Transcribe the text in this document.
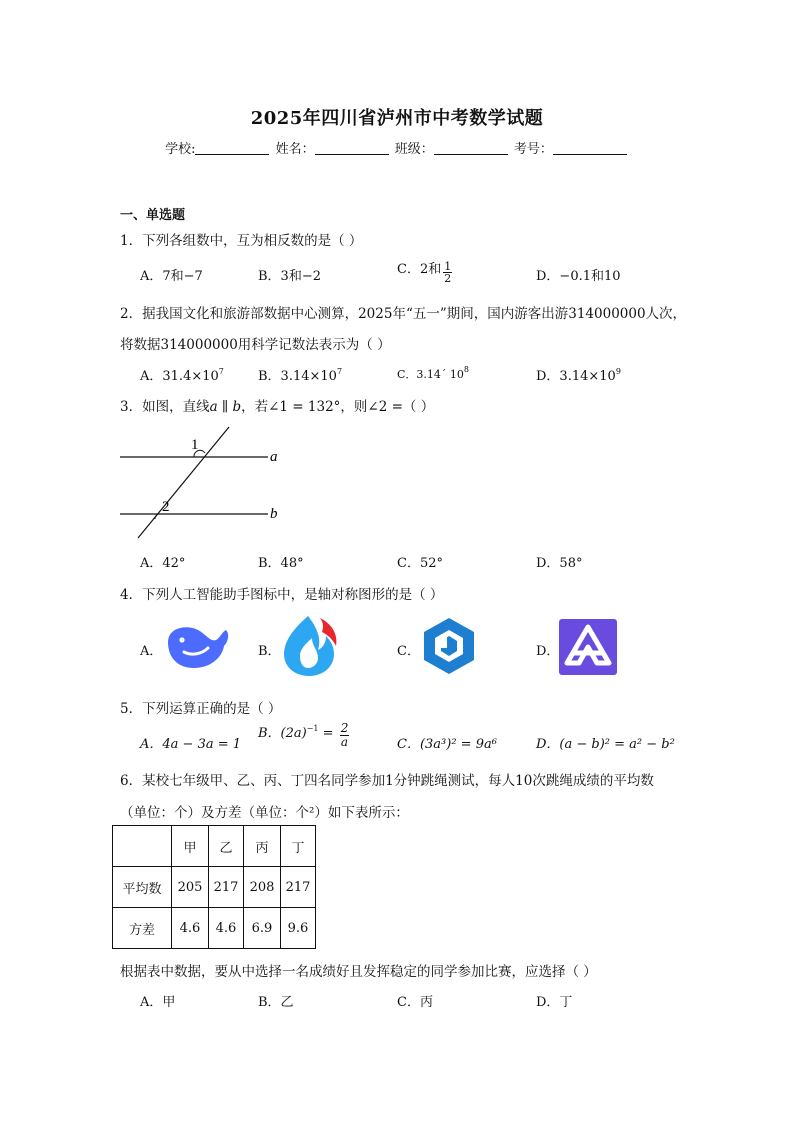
2025年四川省泸州市中考数学试题
学校:	姓名：	班级：	考号：
一、单选题
1．下列各组数中，互为相反数的是（ ）
A．7和−7	B．3和−2	C．2和 $\frac{1}{2}$	D．−0.1和10
2．据我国文化和旅游部数据中心测算，2025年“五一”期间，国内游客出游314000000人次，
将数据314000000用科学记数法表示为（ ）
A．$31.4\times 10^7$	B．$3.14\times 10^7$	C．3.14´ $10^8$	D．$3.14\times 10^9$
3．如图，直线a ∥ b，若∠1 = 132°，则∠2 =（ ）
1
2
a
b
A．42°	B．48°	C．52°	D．58°
4．下列人工智能助手图标中，是轴对称图形的是（ ）
A．	B．	C．	D．
5．下列运算正确的是（ ）
A．4a − 3a = 1
B．$(2a)^{-1} = \frac{2}{a}$	C．(3a³)² = 9a⁶	D．(a − b)² = a² − b²
6．某校七年级甲、乙、丙、丁四名同学参加1分钟跳绳测试，每人10次跳绳成绩的平均数
（单位：个）及方差（单位：个²）如下表所示：
	甲	乙	丙	丁
平均数	205	217	208	217
方差	4.6	4.6	6.9	9.6
根据表中数据，要从中选择一名成绩好且发挥稳定的同学参加比赛，应选择（ ）
A．甲	B．乙	C．丙	D．丁
